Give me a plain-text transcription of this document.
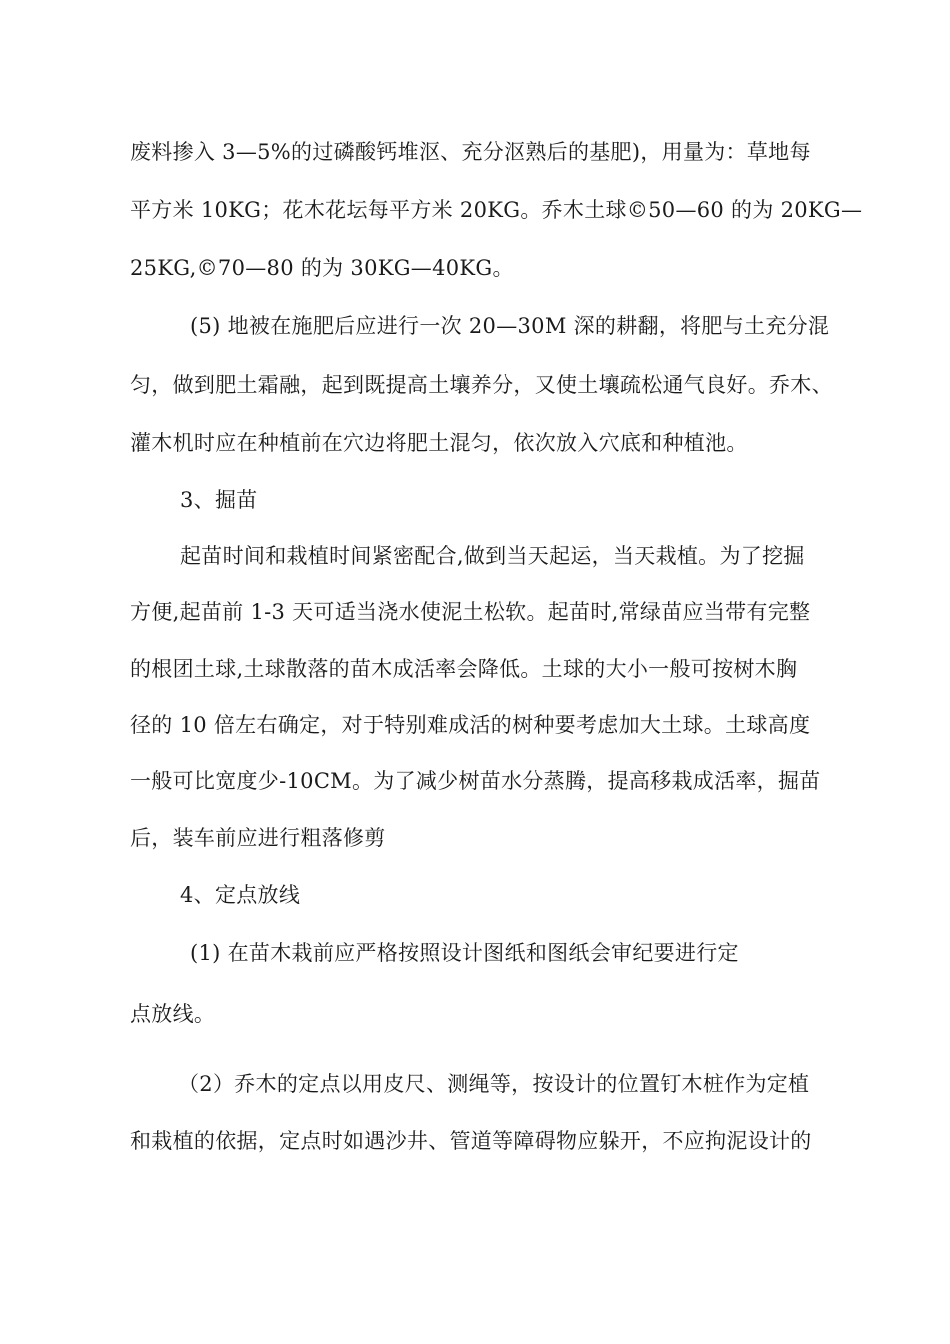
废料掺入 3—5%的过磷酸钙堆沤、充分沤熟后的基肥)，用量为：草地每
平方米 10KG；花木花坛每平方米 20KG。乔木土球©50—60 的为 20KG—
25KG,©70—80 的为 30KG—40KG。
(5) 地被在施肥后应进行一次 20—30M 深的耕翻，将肥与土充分混
匀，做到肥土霜融，起到既提高土壤养分，又使土壤疏松通气良好。乔木、
灌木机时应在种植前在穴边将肥土混匀，依次放入穴底和种植池。
3、掘苗
起苗时间和栽植时间紧密配合,做到当天起运，当天栽植。为了挖掘
方便,起苗前 1-3 天可适当浇水使泥土松软。起苗时,常绿苗应当带有完整
的根团土球,土球散落的苗木成活率会降低。土球的大小一般可按树木胸
径的 10 倍左右确定，对于特别难成活的树种要考虑加大土球。土球高度
一般可比宽度少-10CM。为了减少树苗水分蒸腾，提高移栽成活率，掘苗
后，装车前应进行粗落修剪
4、定点放线
(1) 在苗木栽前应严格按照设计图纸和图纸会审纪要进行定
点放线。
（2）乔木的定点以用皮尺、测绳等，按设计的位置钉木桩作为定植
和栽植的依据，定点时如遇沙井、管道等障碍物应躲开，不应拘泥设计的
